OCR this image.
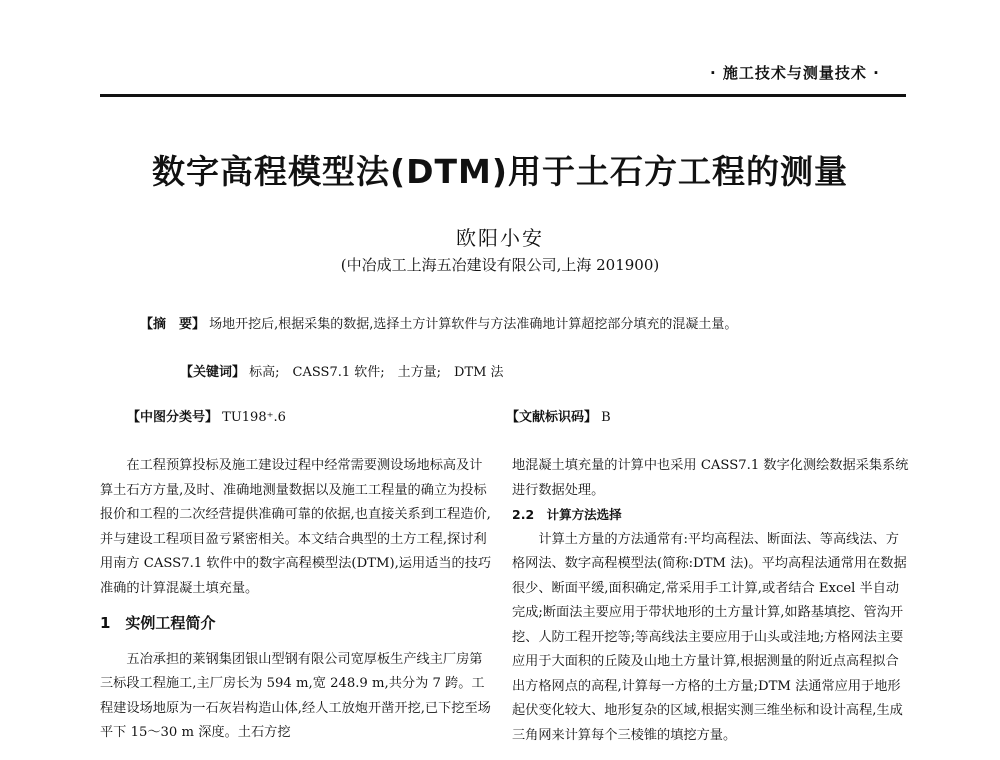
· 施工技术与测量技术 ·
数字高程模型法(DTM)用于土石方工程的测量
欧阳小安
(中冶成工上海五冶建设有限公司,上海 201900)
【摘　要】 场地开挖后,根据采集的数据,选择土方计算软件与方法准确地计算超挖部分填充的混凝土量。
【关键词】 标高;　CASS7.1 软件;　土方量;　DTM 法
【中图分类号】 TU198⁺.6	【文献标识码】 B

在工程预算投标及施工建设过程中经常需要测设场地标高及计算土石方方量,及时、准确地测量数据以及施工工程量的确立为投标报价和工程的二次经营提供准确可靠的依据,也直接关系到工程造价,并与建设工程项目盈亏紧密相关。本文结合典型的土方工程,探讨利用南方 CASS7.1 软件中的数字高程模型法(DTM),运用适当的技巧准确的计算混凝土填充量。

1　实例工程简介

五冶承担的莱钢集团银山型钢有限公司宽厚板生产线主厂房第三标段工程施工,主厂房长为 594 m,宽 248.9 m,共分为 7 跨。工程建设场地原为一石灰岩构造山体,经人工放炮开凿开挖,已下挖至场平下 15～30 m 深度。土石方挖

地混凝土填充量的计算中也采用 CASS7.1 数字化测绘数据采集系统进行数据处理。

2.2　计算方法选择

计算土方量的方法通常有:平均高程法、断面法、等高线法、方格网法、数字高程模型法(简称:DTM 法)。平均高程法通常用在数据很少、断面平缓,面积确定,常采用手工计算,或者结合 Excel 半自动完成;断面法主要应用于带状地形的土方量计算,如路基填挖、管沟开挖、人防工程开挖等;等高线法主要应用于山头或洼地;方格网法主要应用于大面积的丘陵及山地土方量计算,根据测量的附近点高程拟合出方格网点的高程,计算每一方格的土方量;DTM 法通常应用于地形起伏变化较大、地形复杂的区域,根据实测三维坐标和设计高程,生成三角网来计算每个三棱锥的填挖方量。
